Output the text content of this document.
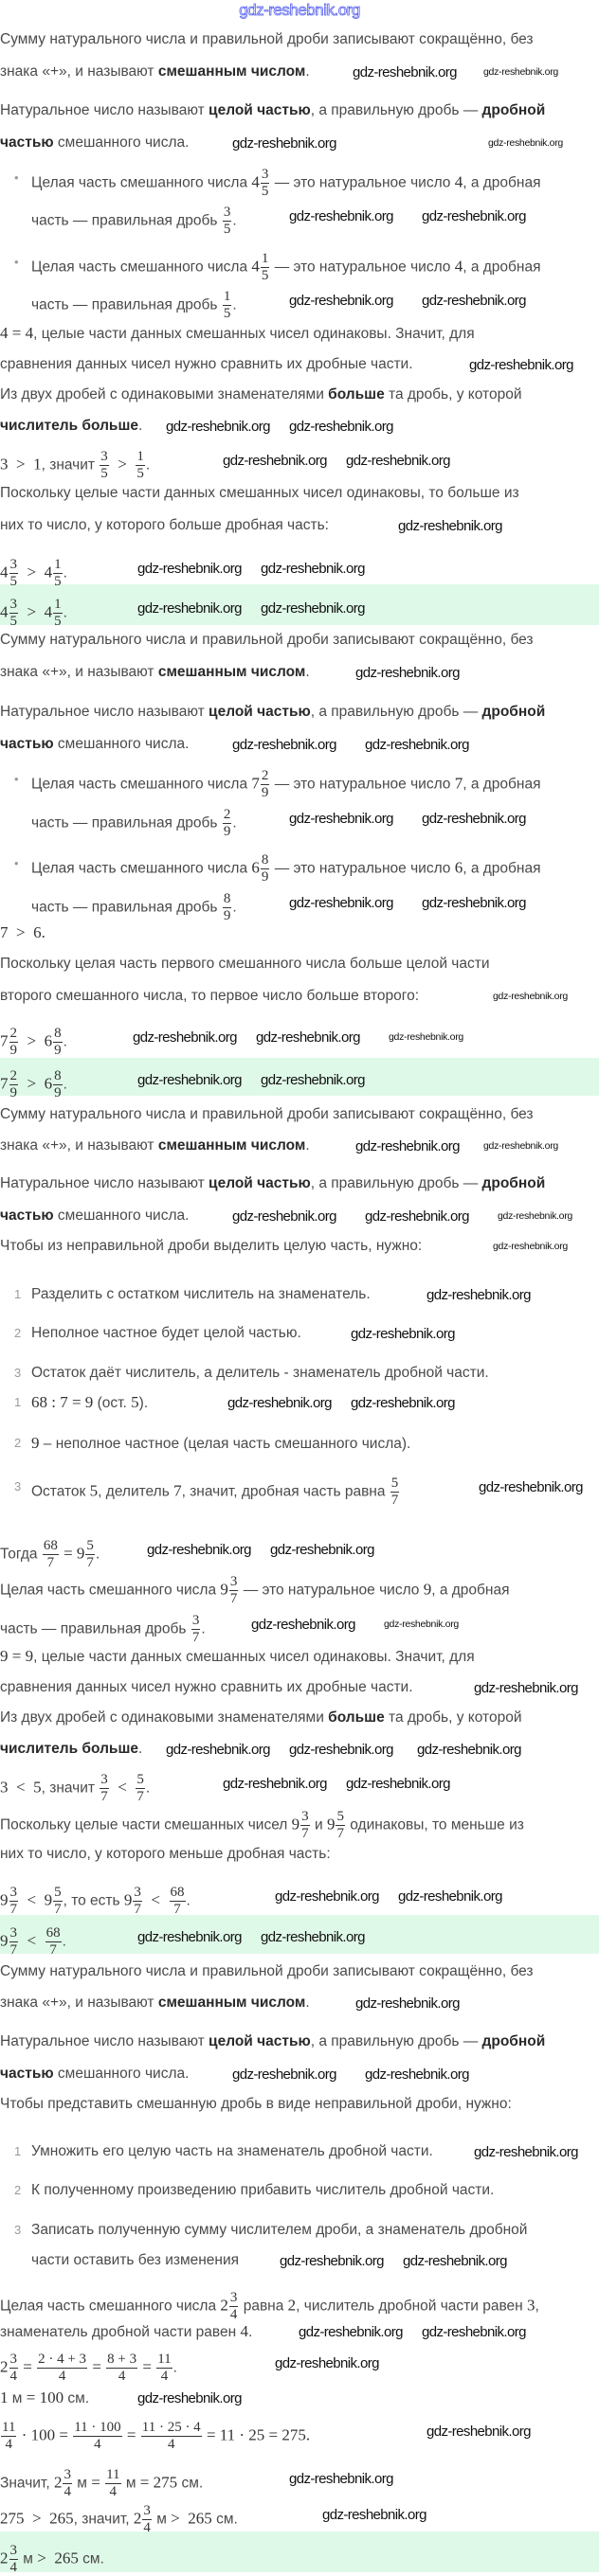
gdz-reshebnik.org
Сумму натурального числа и правильной дроби записывают сокращённо, без
знака «+», и называют смешанным числом.
Натуральное число называют целой частью, а правильную дробь — дробной
частью смешанного числа.
• Целая часть смешанного числа $4 \frac{3}{5}$ — это натуральное число 4, а дробная
часть — правильная дробь $\frac{3}{5}$ .
• Целая часть смешанного числа $4 \frac{1}{5}$ — это натуральное число 4, а дробная
часть — правильная дробь $\frac{1}{5}$ .
4 = 4, целые части данных смешанных чисел одинаковы. Значит, для
сравнения данных чисел нужно сравнить их дробные части.
Из двух дробей с одинаковыми знаменателями больше та дробь, у которой
числитель больше.
3  >  1, значит $\frac{3}{5} > \frac{1}{5}$ .
Поскольку целые части данных смешанных чисел одинаковы, то больше из
них то число, у которого больше дробная часть:
$4 \frac{3}{5} > 4 \frac{1}{5}$ .
$4 \frac{3}{5} > 4 \frac{1}{5}$ .
Сумму натурального числа и правильной дроби записывают сокращённо, без
знака «+», и называют смешанным числом.
Натуральное число называют целой частью, а правильную дробь — дробной
частью смешанного числа.
• Целая часть смешанного числа $7 \frac{2}{9}$ — это натуральное число 7, а дробная
часть — правильная дробь $\frac{2}{9}$ .
• Целая часть смешанного числа $6 \frac{8}{9}$ — это натуральное число 6, а дробная
часть — правильная дробь $\frac{8}{9}$ .
7  >  6.
Поскольку целая часть первого смешанного числа больше целой части
второго смешанного числа, то первое число больше второго:
$7 \frac{2}{9} > 6 \frac{8}{9}$ .
$7 \frac{2}{9} > 6 \frac{8}{9}$ .
Сумму натурального числа и правильной дроби записывают сокращённо, без
знака «+», и называют смешанным числом.
Натуральное число называют целой частью, а правильную дробь — дробной
частью смешанного числа.
Чтобы из неправильной дроби выделить целую часть, нужно:
1 Разделить с остатком числитель на знаменатель.
2 Неполное частное будет целой частью.
3 Остаток даёт числитель, а делитель - знаменатель дробной части.
1 68 : 7 = 9 (ост. 5).
2 9 – неполное частное (целая часть смешанного числа).
3 Остаток 5, делитель 7, значит, дробная часть равна $\frac{5}{7}$
Тогда $\frac{68}{7} = 9 \frac{5}{7}$ .
Целая часть смешанного числа $9 \frac{3}{7}$ — это натуральное число 9, а дробная
часть — правильная дробь $\frac{3}{7}$ .
9 = 9, целые части данных смешанных чисел одинаковы. Значит, для
сравнения данных чисел нужно сравнить их дробные части.
Из двух дробей с одинаковыми знаменателями больше та дробь, у которой
числитель больше.
3  <  5, значит $\frac{3}{7} < \frac{5}{7}$ .
Поскольку целые части смешанных чисел $9 \frac{3}{7}$ и $9 \frac{5}{7}$ одинаковы, то меньше из
них то число, у которого меньше дробная часть:
$9 \frac{3}{7} < 9 \frac{5}{7}$ , то есть $9 \frac{3}{7} < \frac{68}{7}$ .
$9 \frac{3}{7} < \frac{68}{7}$ .
Сумму натурального числа и правильной дроби записывают сокращённо, без
знака «+», и называют смешанным числом.
Натуральное число называют целой частью, а правильную дробь — дробной
частью смешанного числа.
Чтобы представить смешанную дробь в виде неправильной дроби, нужно:
1 Умножить его целую часть на знаменатель дробной части.
2 К полученному произведению прибавить числитель дробной части.
3 Записать полученную сумму числителем дроби, а знаменатель дробной
части оставить без изменения
Целая часть смешанного числа $2 \frac{3}{4}$ равна 2, числитель дробной части равен 3,
знаменатель дробной части равен 4.
$2 \frac{3}{4} = \frac{2 \cdot 4 + 3}{4} = \frac{8 + 3}{4} = \frac{11}{4}$ .
1 м = 100 см.
$\frac{11}{4} \cdot 100 = \frac{11 \cdot 100}{4} = \frac{11 \cdot 25 \cdot 4}{4} = 11 \cdot 25 = 275$.
Значит, $2 \frac{3}{4}$ $м = \frac{11}{4}$ м = 275 см.
275  >  265, значит, $2 \frac{3}{4}$ м >  265 см.
$2 \frac{3}{4}$ м >  265 см.
gdz-reshebnik.org
gdz-reshebnik.org
gdz-reshebnik.org
gdz-reshebnik.org gdz-reshebnik.org
gdz-reshebnik.org gdz-reshebnik.org
gdz-reshebnik.org
gdz-reshebnik.org
gdz-reshebnik.org gdz-reshebnik.org
gdz-reshebnik.org gdz-reshebnik.org
gdz-reshebnik.org
gdz-reshebnik.org gdz-reshebnik.org
gdz-reshebnik.org
gdz-reshebnik.org
gdz-reshebnik.org gdz-reshebnik.org
gdz-reshebnik.org
gdz-reshebnik.org gdz-reshebnik.org
gdz-reshebnik.org gdz-reshebnik.org
gdz-reshebnik.org
gdz-reshebnik.org gdz-reshebnik.org	gdz-reshebnik.org
gdz-reshebnik.org gdz-reshebnik.org
gdz-reshebnik.org gdz-reshebnik.org
gdz-reshebnik.org
gdz-reshebnik.org
gdz-reshebnik.org gdz-reshebnik.org
gdz-reshebnik.org
gdz-reshebnik.org
gdz-reshebnik.org
gdz-reshebnik.org gdz-reshebnik.org
gdz-reshebnik.org gdz-reshebnik.org
gdz-reshebnik.org	gdz-reshebnik.org
gdz-reshebnik.org
gdz-reshebnik.org gdz-reshebnik.org gdz-reshebnik.org
gdz-reshebnik.org gdz-reshebnik.org
gdz-reshebnik.org gdz-reshebnik.org
gdz-reshebnik.org gdz-reshebnik.org
gdz-reshebnik.org
gdz-reshebnik.org gdz-reshebnik.org
gdz-reshebnik.org
gdz-reshebnik.org gdz-reshebnik.org
gdz-reshebnik.org gdz-reshebnik.org
gdz-reshebnik.org
gdz-reshebnik.org
gdz-reshebnik.org
gdz-reshebnik.org
gdz-reshebnik.org
